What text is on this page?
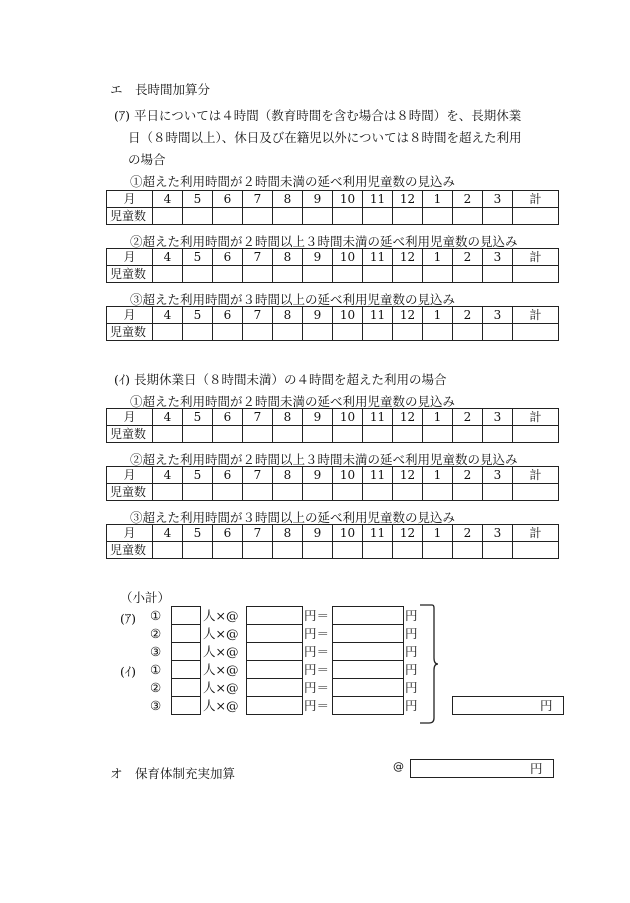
エ　長時間加算分
(ｱ) 平日については４時間（教育時間を含む場合は８時間）を、長期休業
日（８時間以上）、休日及び在籍児以外については８時間を超えた利用
の場合
①超えた利用時間が２時間未満の延べ利用児童数の見込み
②超えた利用時間が２時間以上３時間未満の延べ利用児童数の見込み
③超えた利用時間が３時間以上の延べ利用児童数の見込み
(ｲ) 長期休業日（８時間未満）の４時間を超えた利用の場合
①超えた利用時間が２時間未満の延べ利用児童数の見込み
②超えた利用時間が２時間以上３時間未満の延べ利用児童数の見込み
③超えた利用時間が３時間以上の延べ利用児童数の見込み
月	4	5	6	7	8	9	10	11	12	1	2	3	計
児童数													
月	4	5	6	7	8	9	10	11	12	1	2	3	計
児童数													
月	4	5	6	7	8	9	10	11	12	1	2	3	計
児童数													
月	4	5	6	7	8	9	10	11	12	1	2	3	計
児童数													
月	4	5	6	7	8	9	10	11	12	1	2	3	計
児童数													
月	4	5	6	7	8	9	10	11	12	1	2	3	計
児童数													
（小計）
(ｱ)
(ｲ)
①	人×@	円＝	円
②	人×@	円＝	円
③	人×@	円＝	円
①	人×@	円＝	円
②	人×@	円＝	円
③	人×@	円＝	円	円
オ　保育体制充実加算	@	円
